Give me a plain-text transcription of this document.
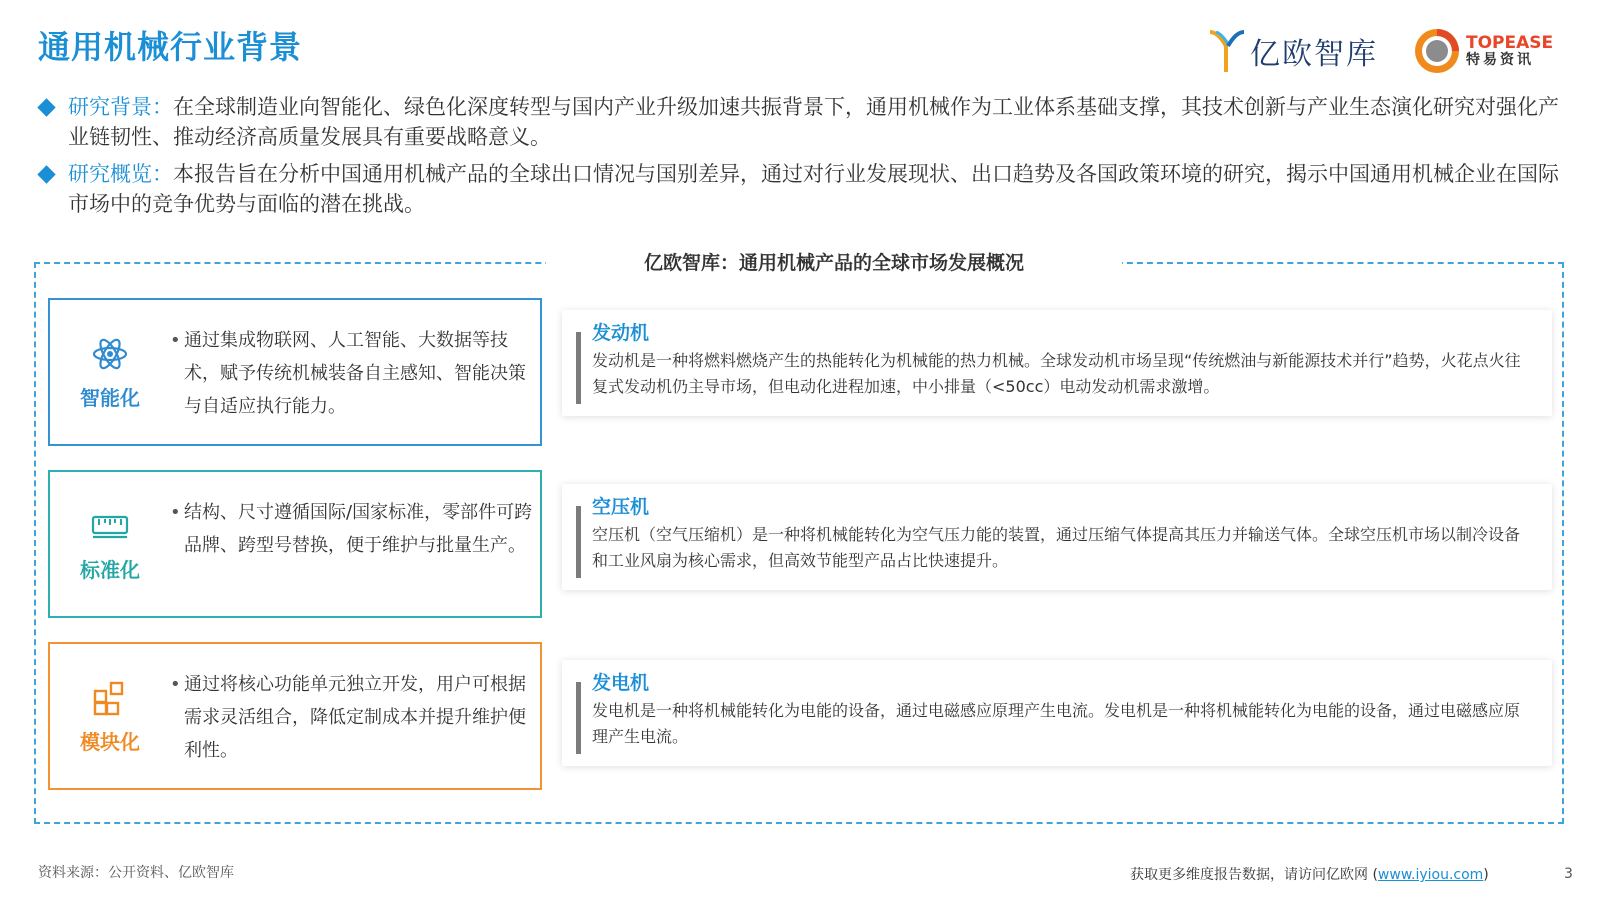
通用机械行业背景	亿欧智库	TOPEASE
特易资讯
研究背景：在全球制造业向智能化、绿色化深度转型与国内产业升级加速共振背景下，通用机械作为工业体系基础支撑，其技术创新与产业生态演化研究对强化产业链韧性、推动经济高质量发展具有重要战略意义。
研究概览：本报告旨在分析中国通用机械产品的全球出口情况与国别差异，通过对行业发展现状、出口趋势及各国政策环境的研究，揭示中国通用机械企业在国际市场中的竞争优势与面临的潜在挑战。
亿欧智库：通用机械产品的全球市场发展概况
智能化
• 通过集成物联网、人工智能、大数据等技术，赋予传统机械装备自主感知、智能决策与自适应执行能力。
标准化
• 结构、尺寸遵循国际/国家标准，零部件可跨品牌、跨型号替换，便于维护与批量生产。
模块化
• 通过将核心功能单元独立开发，用户可根据需求灵活组合，降低定制成本并提升维护便利性。
发动机
发动机是一种将燃料燃烧产生的热能转化为机械能的热力机械。全球发动机市场呈现“传统燃油与新能源技术并行”趋势，火花点火往复式发动机仍主导市场，但电动化进程加速，中小排量（<50cc）电动发动机需求激增。
空压机
空压机（空气压缩机）是一种将机械能转化为空气压力能的装置，通过压缩气体提高其压力并输送气体。全球空压机市场以制冷设备和工业风扇为核心需求，但高效节能型产品占比快速提升。
发电机
发电机是一种将机械能转化为电能的设备，通过电磁感应原理产生电流。发电机是一种将机械能转化为电能的设备，通过电磁感应原理产生电流。
资料来源：公开资料、亿欧智库	获取更多维度报告数据，请访问亿欧网 (www.iyiou.com)	3
